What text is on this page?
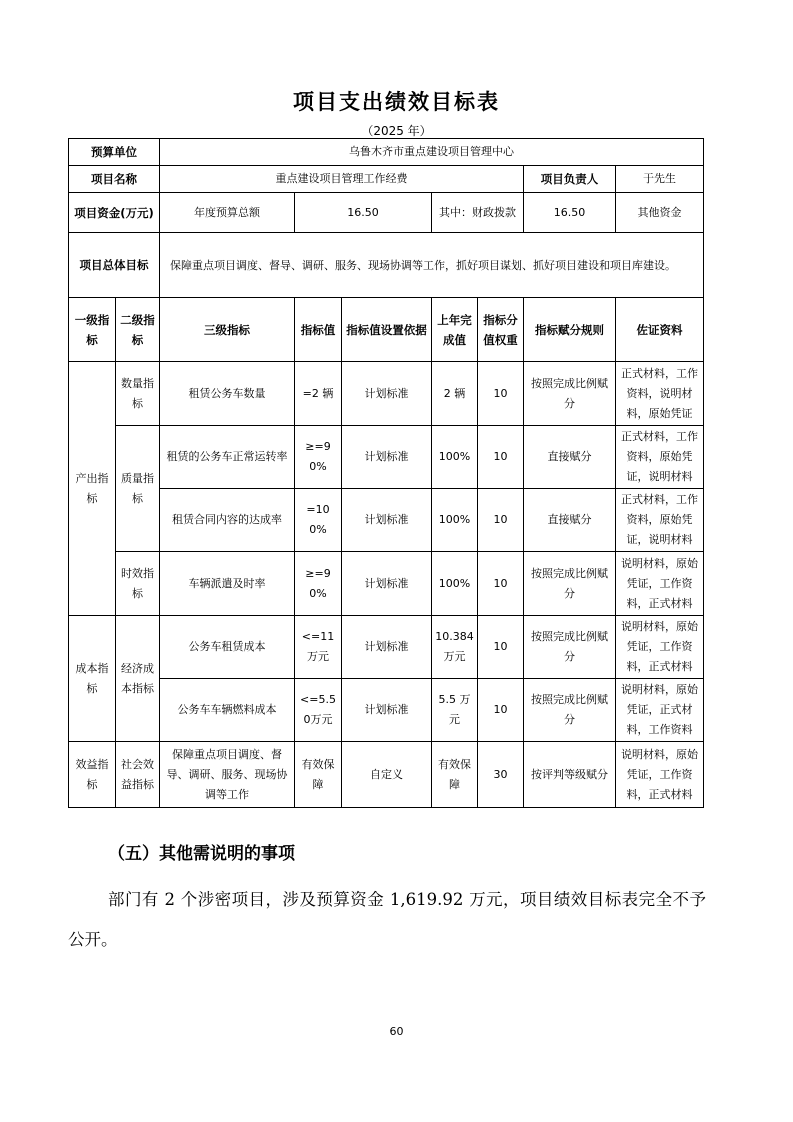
项目支出绩效目标表
（2025 年）
预算单位		乌鲁木齐市重点建设项目管理中心						
项目名称		重点建设项目管理工作经费					项目负责人	于先生
项目资金(万元)		年度预算总额	16.50		其中：财政拨款		16.50	其他资金
项目总体目标		保障重点项目调度、督导、调研、服务、现场协调等工作，抓好项目谋划、抓好项目建设和项目库建设。						
一级指标	二级指标	三级指标	指标值	指标值设置依据	上年完成值	指标分值权重	指标赋分规则	佐证资料
产出指标	数量指标	租赁公务车数量	=2 辆	计划标准	2 辆	10	按照完成比例赋分	正式材料，工作资料，说明材料，原始凭证
	质量指标	租赁的公务车正常运转率	≥=90%	计划标准	100%	10	直接赋分	正式材料，工作资料，原始凭证，说明材料
		租赁合同内容的达成率	=100%	计划标准	100%	10	直接赋分	正式材料，工作资料，原始凭证，说明材料
	时效指标	车辆派遣及时率	≥=90%	计划标准	100%	10	按照完成比例赋分	说明材料，原始凭证，工作资料，正式材料
成本指标	经济成本指标	公务车租赁成本	<=11万元	计划标准	10.384 万元	10	按照完成比例赋分	说明材料，原始凭证，工作资料，正式材料
		公务车车辆燃料成本	<=5.50万元	计划标准	5.5 万元	10	按照完成比例赋分	说明材料，原始凭证，正式材料，工作资料
效益指标	社会效益指标	保障重点项目调度、督导、调研、服务、现场协调等工作	有效保障	自定义	有效保障	30	按评判等级赋分	说明材料，原始凭证，工作资料，正式材料
（五）其他需说明的事项
部门有 2 个涉密项目，涉及预算资金 1,619.92 万元，项目绩效目标表完全不予公开。
60
